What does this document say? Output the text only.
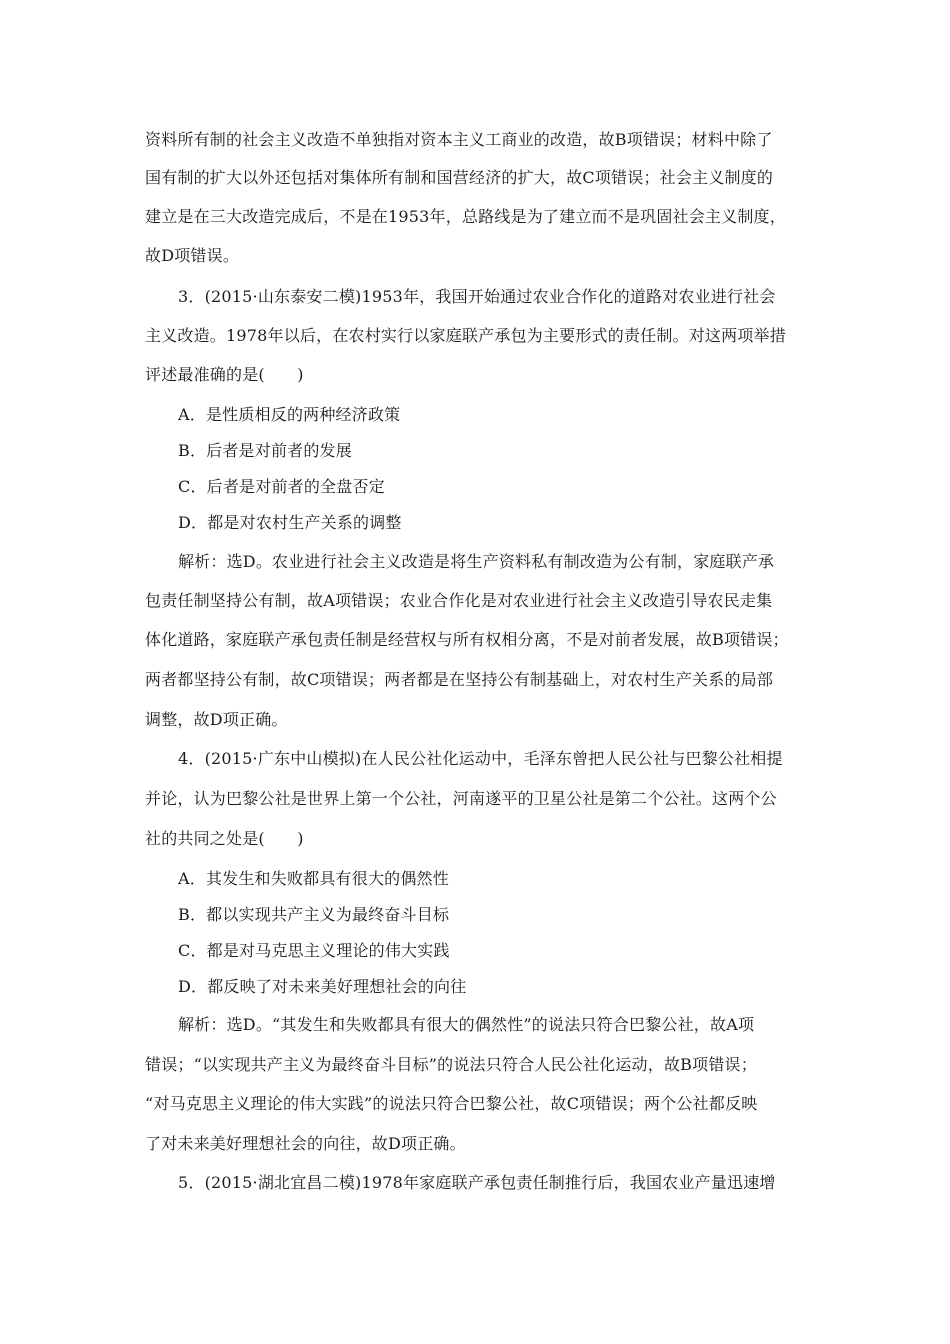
资料所有制的社会主义改造不单独指对资本主义工商业的改造，故B项错误；材料中除了
国有制的扩大以外还包括对集体所有制和国营经济的扩大，故C项错误；社会主义制度的
建立是在三大改造完成后，不是在1953年，总路线是为了建立而不是巩固社会主义制度，
故D项错误。
3．(2015·山东泰安二模)1953年，我国开始通过农业合作化的道路对农业进行社会
主义改造。1978年以后，在农村实行以家庭联产承包为主要形式的责任制。对这两项举措
评述最准确的是(　　)
A．是性质相反的两种经济政策
B．后者是对前者的发展
C．后者是对前者的全盘否定
D．都是对农村生产关系的调整
解析：选D。农业进行社会主义改造是将生产资料私有制改造为公有制，家庭联产承
包责任制坚持公有制，故A项错误；农业合作化是对农业进行社会主义改造引导农民走集
体化道路，家庭联产承包责任制是经营权与所有权相分离，不是对前者发展，故B项错误；
两者都坚持公有制，故C项错误；两者都是在坚持公有制基础上，对农村生产关系的局部
调整，故D项正确。
4．(2015·广东中山模拟)在人民公社化运动中，毛泽东曾把人民公社与巴黎公社相提
并论，认为巴黎公社是世界上第一个公社，河南遂平的卫星公社是第二个公社。这两个公
社的共同之处是(　　)
A．其发生和失败都具有很大的偶然性
B．都以实现共产主义为最终奋斗目标
C．都是对马克思主义理论的伟大实践
D．都反映了对未来美好理想社会的向往
解析：选D。“其发生和失败都具有很大的偶然性”的说法只符合巴黎公社，故A项
错误；“以实现共产主义为最终奋斗目标”的说法只符合人民公社化运动，故B项错误；
“对马克思主义理论的伟大实践”的说法只符合巴黎公社，故C项错误；两个公社都反映
了对未来美好理想社会的向往，故D项正确。
5．(2015·湖北宜昌二模)1978年家庭联产承包责任制推行后，我国农业产量迅速增
